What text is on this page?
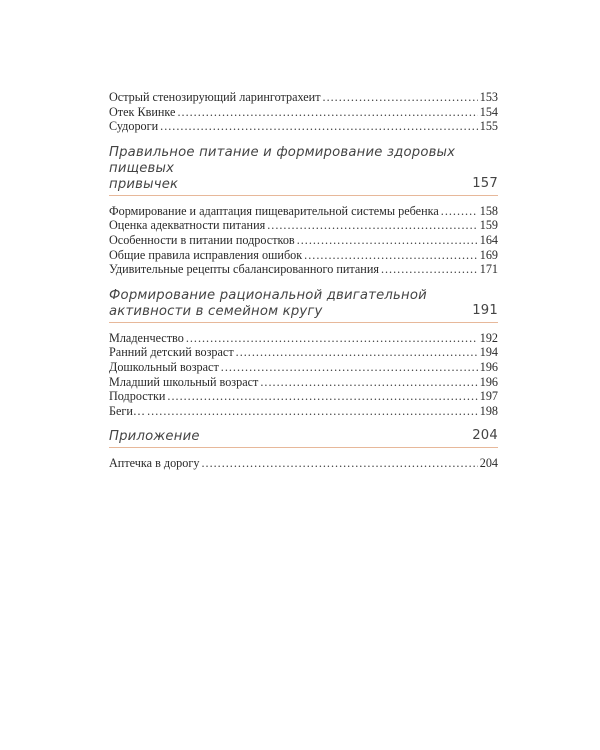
Острый стенозирующий ларинготрахеит .....	153
Отек Квинке .....	154
Судороги .....	155
Правильное питание и формирование здоровых пищевых
привычек	157
Формирование и адаптация пищеварительной системы ребенка .....	158
Оценка адекватности питания .....	159
Особенности в питании подростков .....	164
Общие правила исправления ошибок .....	169
Удивительные рецепты сбалансированного питания .....	171
Формирование рациональной двигательной
активности в семейном кругу	191
Младенчество .....	192
Ранний детский возраст .....	194
Дошкольный возраст .....	196
Младший школьный возраст .....	196
Подростки .....	197
Беги… .....	198
Приложение	204
Аптечка в дорогу .....	204
